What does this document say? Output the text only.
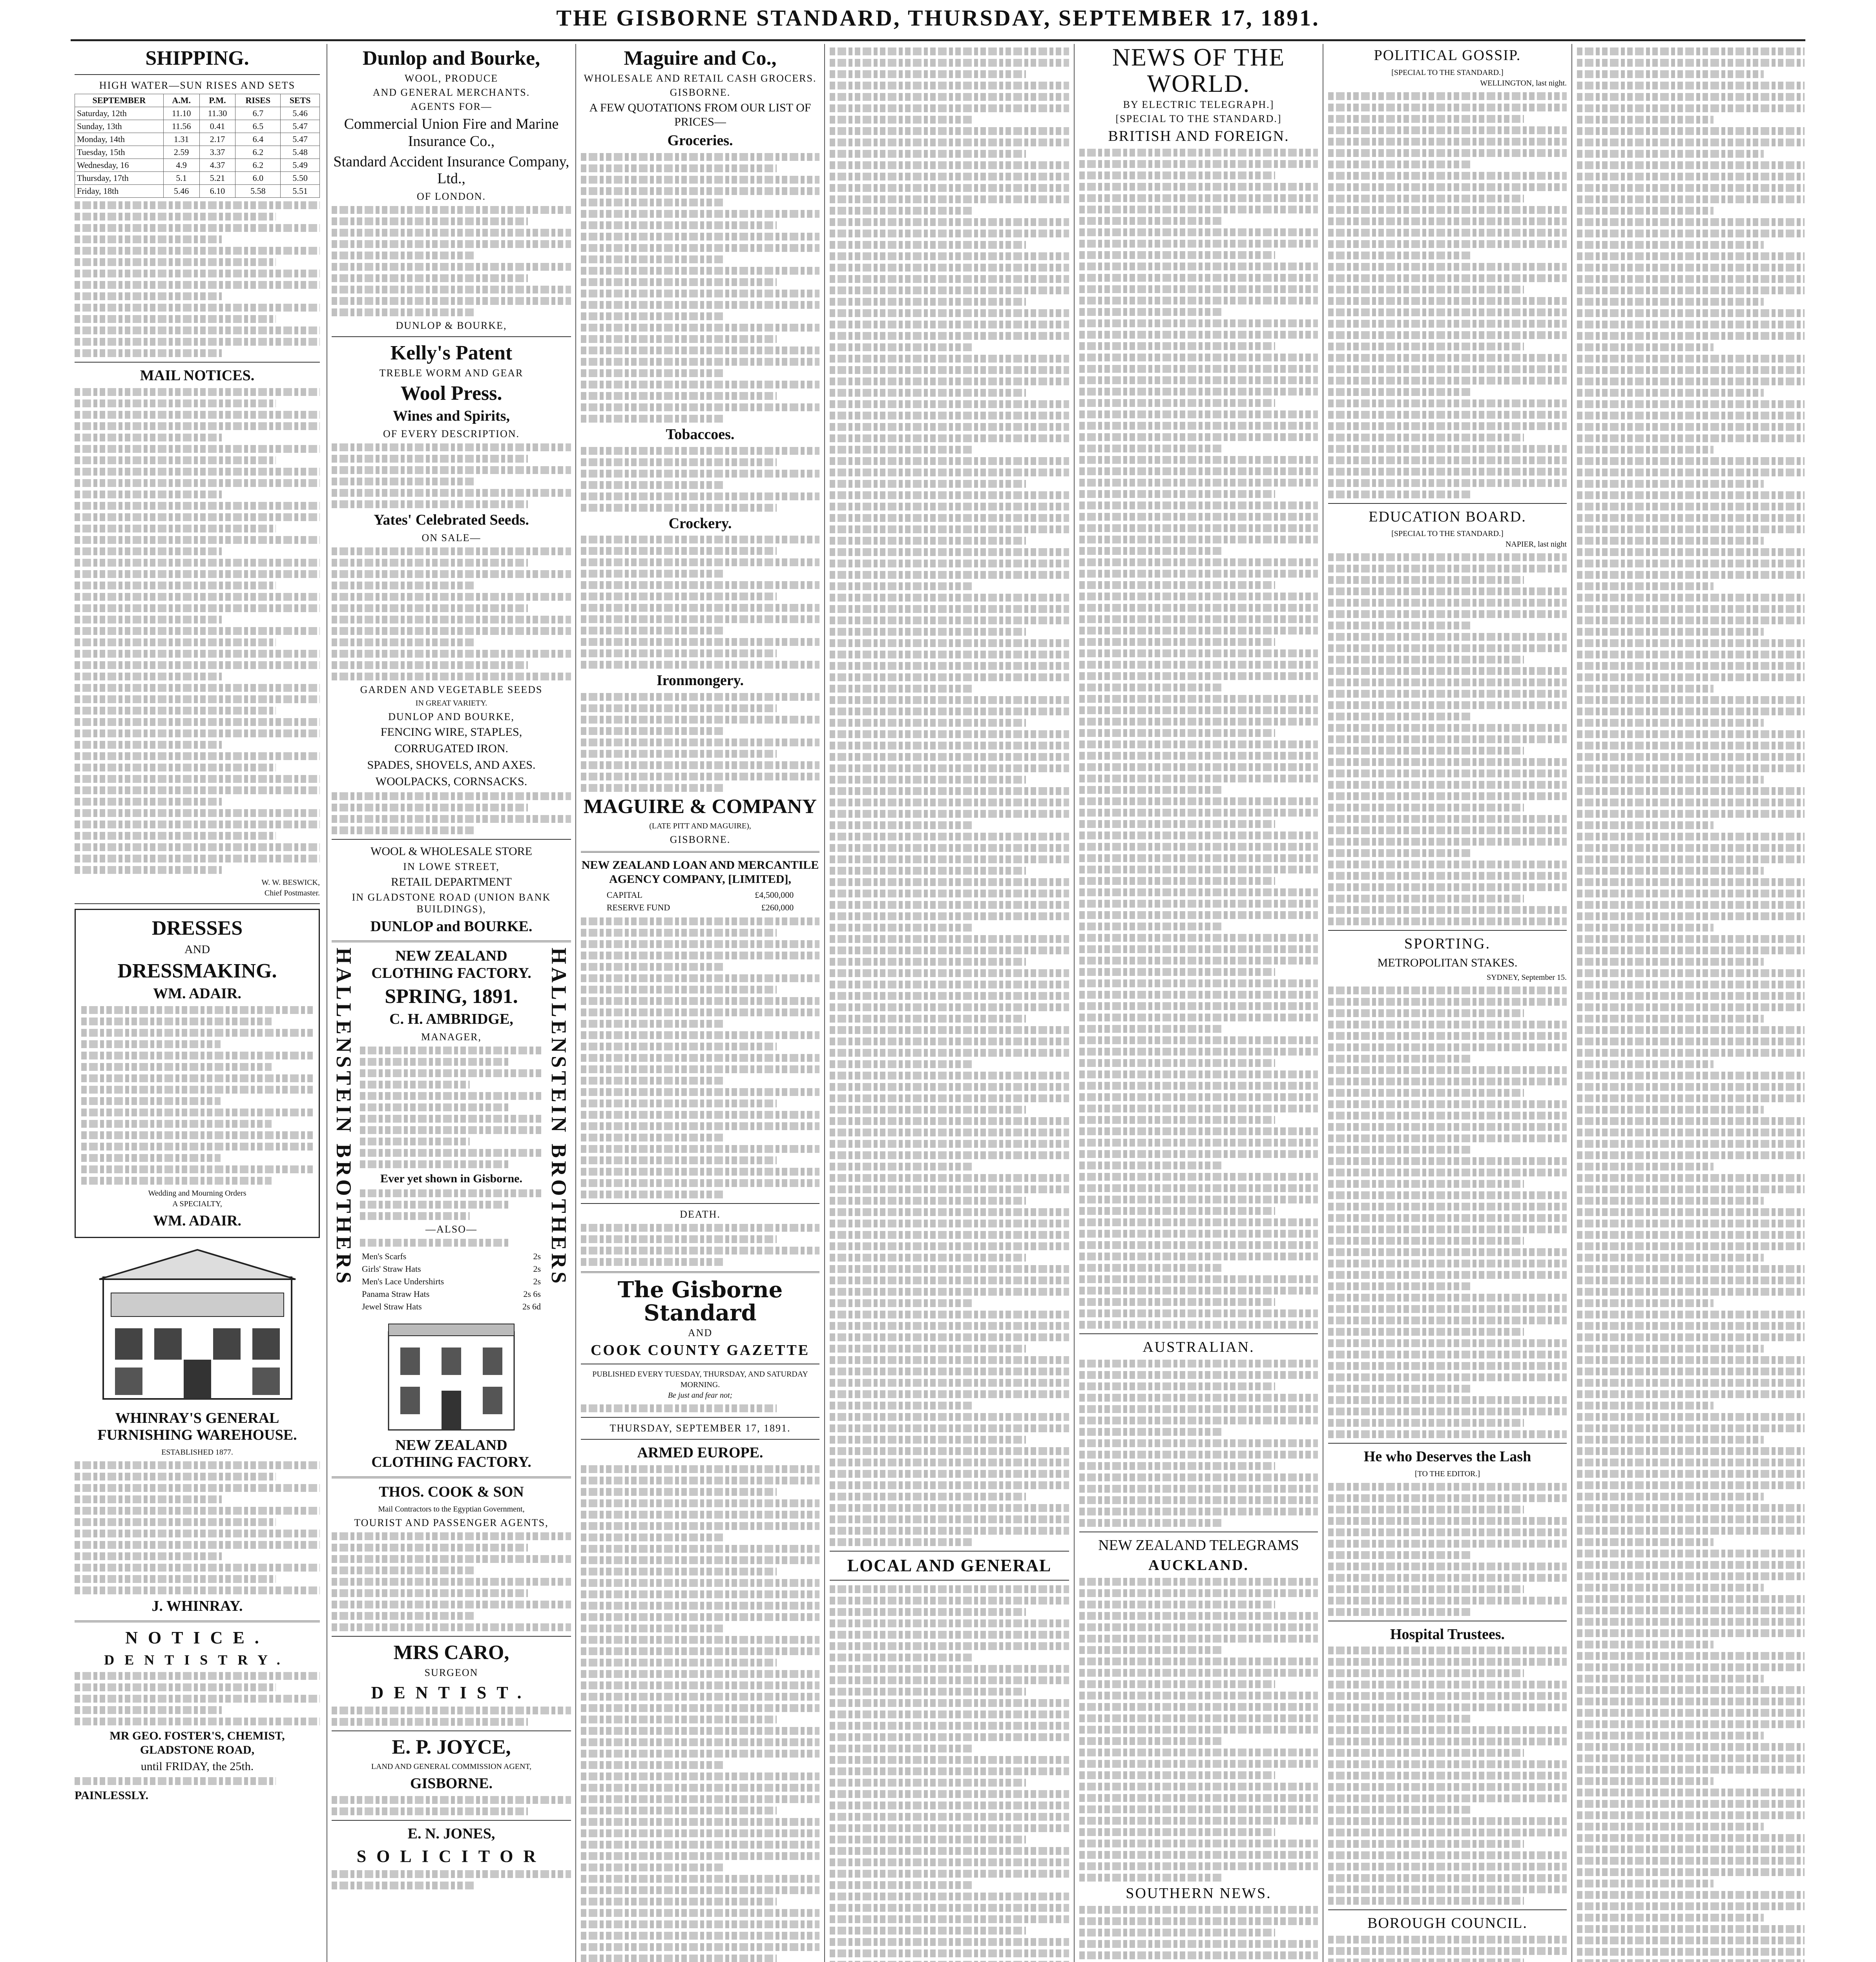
THE GISBORNE STANDARD, THURSDAY, SEPTEMBER 17, 1891.
SHIPPING.
HIGH WATER—SUN RISES AND SETS
SEPTEMBER	A.M.	P.M.	RISES	SETS
Saturday, 12th	11.10	11.30	6.7	5.46
Sunday, 13th	11.56	0.41	6.5	5.47
Monday, 14th	1.31	2.17	6.4	5.47
Tuesday, 15th	2.59	3.37	6.2	5.48
Wednesday, 16	4.9	4.37	6.2	5.49
Thursday, 17th	5.1	5.21	6.0	5.50
Friday, 18th	5.46	6.10	5.58	5.51
MAIL NOTICES.
W. W. BESWICK,
Chief Postmaster.
DRESSES
AND
DRESSMAKING.
WM. ADAIR.
Wedding and Mourning Orders
A SPECIALTY,
WM. ADAIR.
WHINRAY'S GENERAL FURNISHING WAREHOUSE.
ESTABLISHED 1877.
J. WHINRAY.
NOTICE.
DENTISTRY.
MR GEO. FOSTER'S, CHEMIST, GLADSTONE ROAD,
until FRIDAY, the 25th.
PAINLESSLY.
Dunlop and Bourke,
WOOL, PRODUCE
AND GENERAL MERCHANTS.
AGENTS FOR—
Commercial Union Fire and Marine Insurance Co.,
Standard Accident Insurance Company, Ltd.,
OF LONDON.
DUNLOP & BOURKE,
Kelly's Patent
TREBLE WORM AND GEAR
Wool Press.
Wines and Spirits,
OF EVERY DESCRIPTION.
Yates' Celebrated Seeds.
ON SALE—
GARDEN AND VEGETABLE SEEDS
IN GREAT VARIETY.
DUNLOP AND BOURKE,
FENCING WIRE, STAPLES,
CORRUGATED IRON.
SPADES, SHOVELS, AND AXES.
WOOLPACKS, CORNSACKS.
WOOL & WHOLESALE STORE
IN LOWE STREET,
RETAIL DEPARTMENT
IN GLADSTONE ROAD (UNION BANK BUILDINGS),
DUNLOP and BOURKE.
HALLENSTEIN BROTHERS	HALLENSTEIN BROTHERS
NEW ZEALAND CLOTHING FACTORY.
SPRING, 1891.
C. H. AMBRIDGE,
MANAGER,
Ever yet shown in Gisborne.
—ALSO—
Men's Scarfs	2s
Girls' Straw Hats	2s
Men's Lace Undershirts	2s
Panama Straw Hats	2s 6s
Jewel Straw Hats	2s 6d
NEW ZEALAND CLOTHING FACTORY.
THOS. COOK & SON
Mail Contractors to the Egyptian Government,
TOURIST AND PASSENGER AGENTS,
MRS CARO,
SURGEON
DENTIST.
E. P. JOYCE,
LAND AND GENERAL COMMISSION AGENT,
GISBORNE.
E. N. JONES,
SOLICITOR
Maguire and Co.,
WHOLESALE AND RETAIL CASH GROCERS.
GISBORNE.
A FEW QUOTATIONS FROM OUR LIST OF PRICES—
Groceries.
Tobaccoes.
Crockery.
Ironmongery.
MAGUIRE & COMPANY
(LATE PITT AND MAGUIRE),
GISBORNE.
NEW ZEALAND LOAN AND MERCANTILE AGENCY COMPANY, [LIMITED],
CAPITAL	£4,500,000
RESERVE FUND	£260,000
DEATH.
The Gisborne Standard
AND
COOK COUNTY GAZETTE
PUBLISHED EVERY TUESDAY, THURSDAY, AND SATURDAY MORNING.
Be just and fear not;
THURSDAY, SEPTEMBER 17, 1891.
ARMED EUROPE.
LOCAL AND GENERAL
NEWS OF THE WORLD.
BY ELECTRIC TELEGRAPH.]
[SPECIAL TO THE STANDARD.]
BRITISH AND FOREIGN.
AUSTRALIAN.
NEW ZEALAND TELEGRAMS
AUCKLAND.
SOUTHERN NEWS.
POLITICAL GOSSIP.
[SPECIAL TO THE STANDARD.]
WELLINGTON, last night.
EDUCATION BOARD.
[SPECIAL TO THE STANDARD.]
NAPIER, last night
SPORTING.
METROPOLITAN STAKES.
SYDNEY, September 15.
He who Deserves the Lash
[TO THE EDITOR.]
Hospital Trustees.
BOROUGH COUNCIL.
